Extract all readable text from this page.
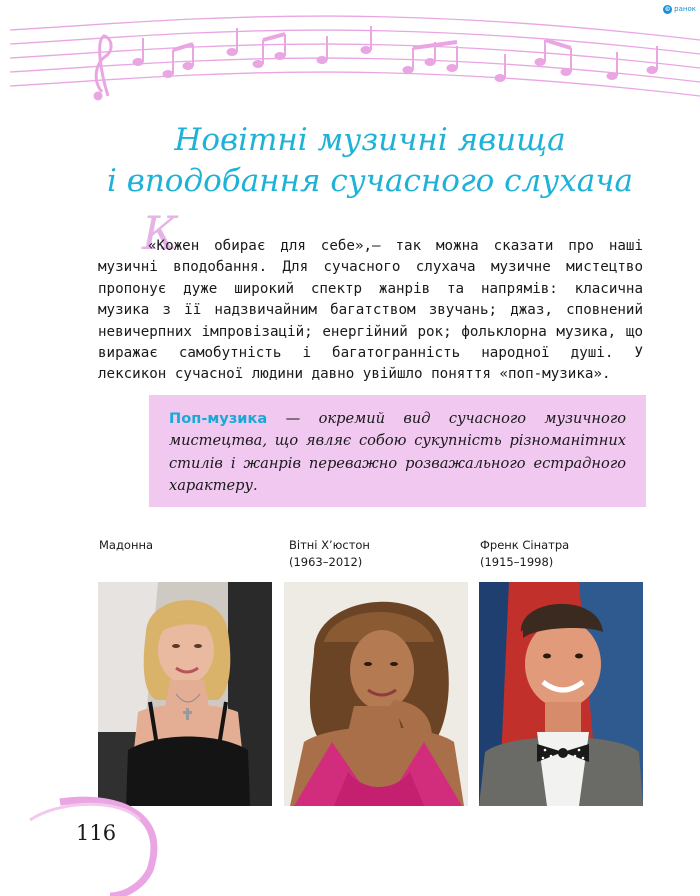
© ранок
Новітні музичні явища
і вподобання сучасного слухача
К

«Кожен обирає для себе»,— так можна сказати про наші музичні вподобання. Для сучасного слухача музичне мистецтво пропонує дуже широкий спектр жанрів та напрямів: класична музика з її надзвичайним багатством звучань; джаз, сповнений невичерпних імпровізацій; енергійний рок; фольклорна музика, що виражає самобутність і багатогранність народної душі. У лексикон сучасної людини давно увійшло поняття «поп-музика».

Поп-музика — окремий вид сучасного музичного мистецтва, що являє собою сукупність різноманітних стилів і жанрів переважно розважального естрадного характеру.

Мадонна	Вітні Х’юстон
(1963–2012)
Френк Сінатра
(1915–1998)
116
